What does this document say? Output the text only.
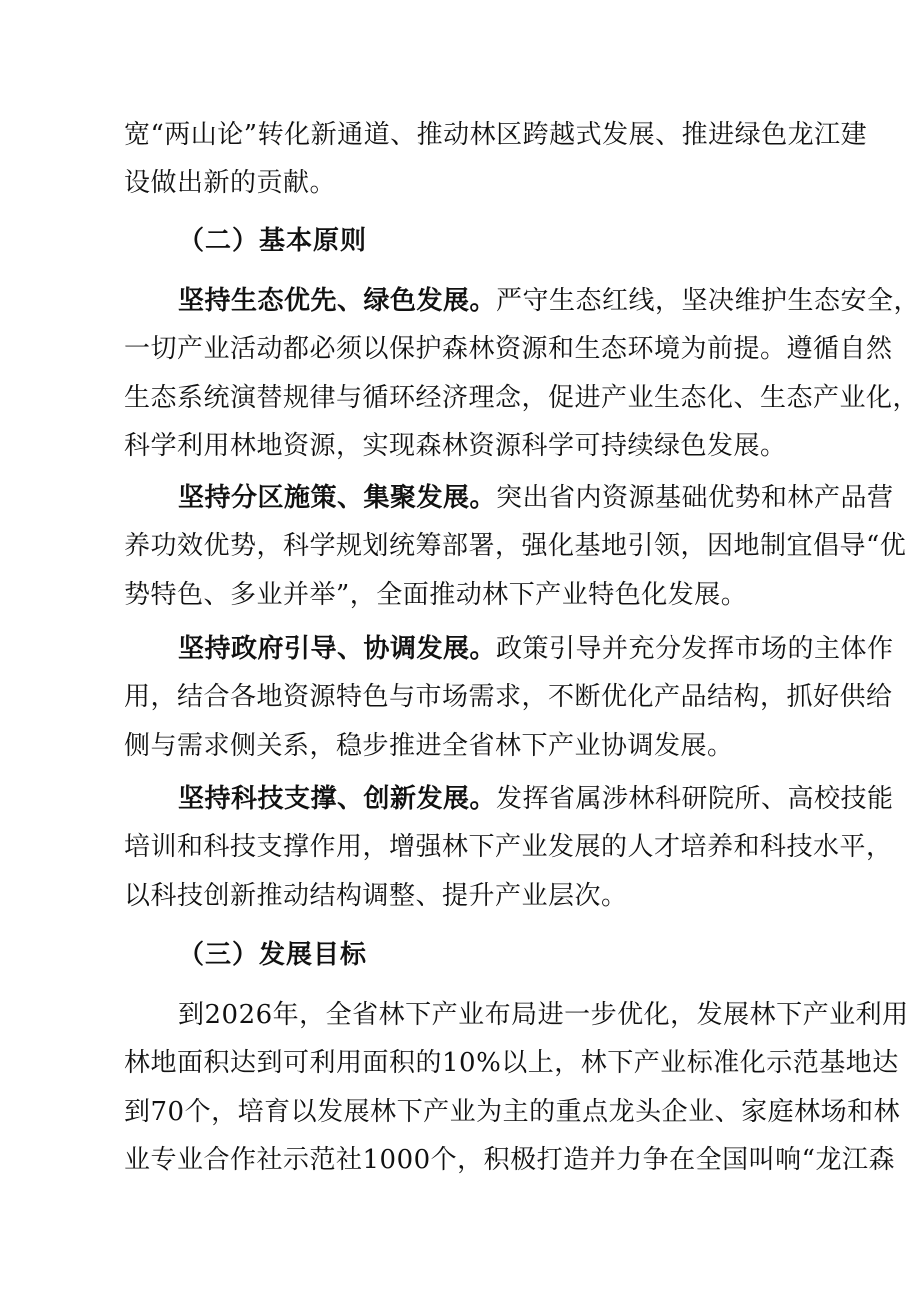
宽“两山论”转化新通道、推动林区跨越式发展、推进绿色龙江建
设做出新的贡献。
（二）基本原则
坚持生态优先、绿色发展。严守生态红线，坚决维护生态安全，
一切产业活动都必须以保护森林资源和生态环境为前提。遵循自然
生态系统演替规律与循环经济理念，促进产业生态化、生态产业化，
科学利用林地资源，实现森林资源科学可持续绿色发展。
坚持分区施策、集聚发展。突出省内资源基础优势和林产品营
养功效优势，科学规划统筹部署，强化基地引领，因地制宜倡导“优
势特色、多业并举”，全面推动林下产业特色化发展。
坚持政府引导、协调发展。政策引导并充分发挥市场的主体作
用，结合各地资源特色与市场需求，不断优化产品结构，抓好供给
侧与需求侧关系，稳步推进全省林下产业协调发展。
坚持科技支撑、创新发展。发挥省属涉林科研院所、高校技能
培训和科技支撑作用，增强林下产业发展的人才培养和科技水平，
以科技创新推动结构调整、提升产业层次。
（三）发展目标
到2026年，全省林下产业布局进一步优化，发展林下产业利用
林地面积达到可利用面积的10%以上，林下产业标准化示范基地达
到70个，培育以发展林下产业为主的重点龙头企业、家庭林场和林
业专业合作社示范社1000个，积极打造并力争在全国叫响“龙江森
